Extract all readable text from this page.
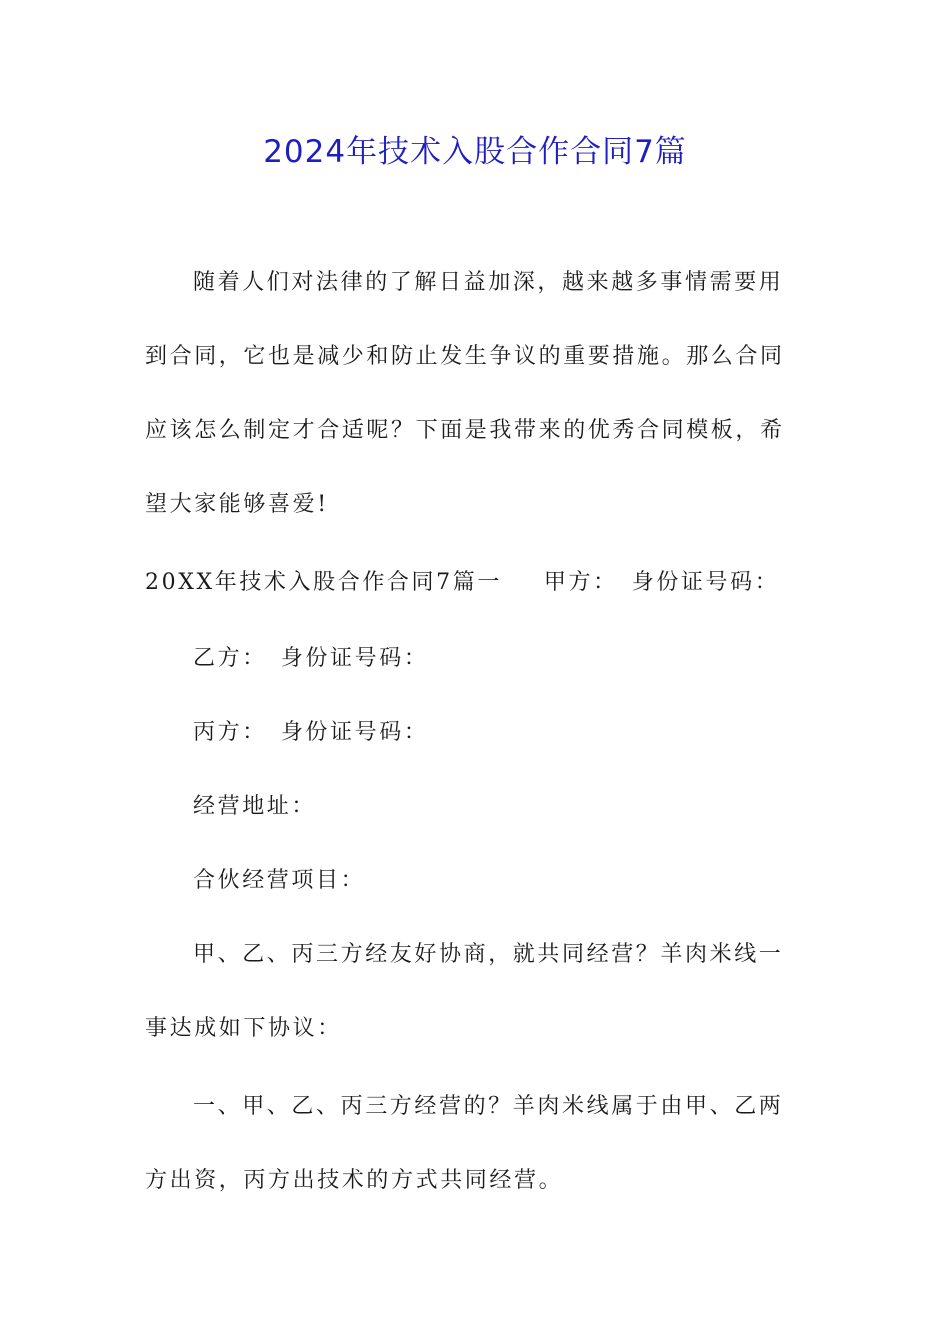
2024年技术入股合作合同7篇

随着人们对法律的了解日益加深，越来越多事情需要用到合同，它也是减少和防止发生争议的重要措施。那么合同应该怎么制定才合适呢？下面是我带来的优秀合同模板，希望大家能够喜爱!

20XX年技术入股合作合同7篇一 甲方： 身份证号码：

乙方： 身份证号码：

丙方： 身份证号码：

经营地址：

合伙经营项目：

甲、乙、丙三方经友好协商，就共同经营？羊肉米线一事达成如下协议：

一、甲、乙、丙三方经营的？羊肉米线属于由甲、乙两方出资，丙方出技术的方式共同经营。
